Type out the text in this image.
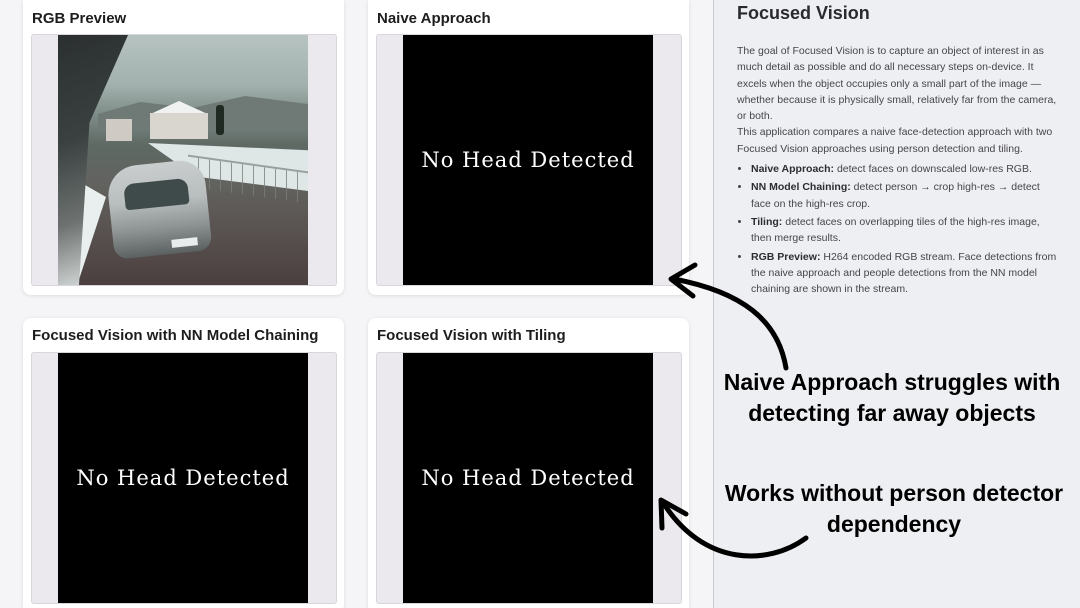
RGB Preview	Naive Approach
No Head Detected
Focused Vision with NN Model Chaining
No Head Detected
Focused Vision with Tiling
No Head Detected
Focused Vision

The goal of Focused Vision is to capture an object of interest in as much detail as possible and do all necessary steps on-device. It excels when the object occupies only a small part of the image — whether because it is physically small, relatively far from the camera, or both.

This application compares a naive face-detection approach with two Focused Vision approaches using person detection and tiling.

• Naive Approach: detect faces on downscaled low-res RGB.
• NN Model Chaining: detect person → crop high-res → detect face on the high-res crop.
• Tiling: detect faces on overlapping tiles of the high-res image, then merge results.
• RGB Preview: H264 encoded RGB stream. Face detections from the naive approach and people detections from the NN model chaining are shown in the stream.
Naive Approach struggles with
detecting far away objects
Works without person detector
dependency
